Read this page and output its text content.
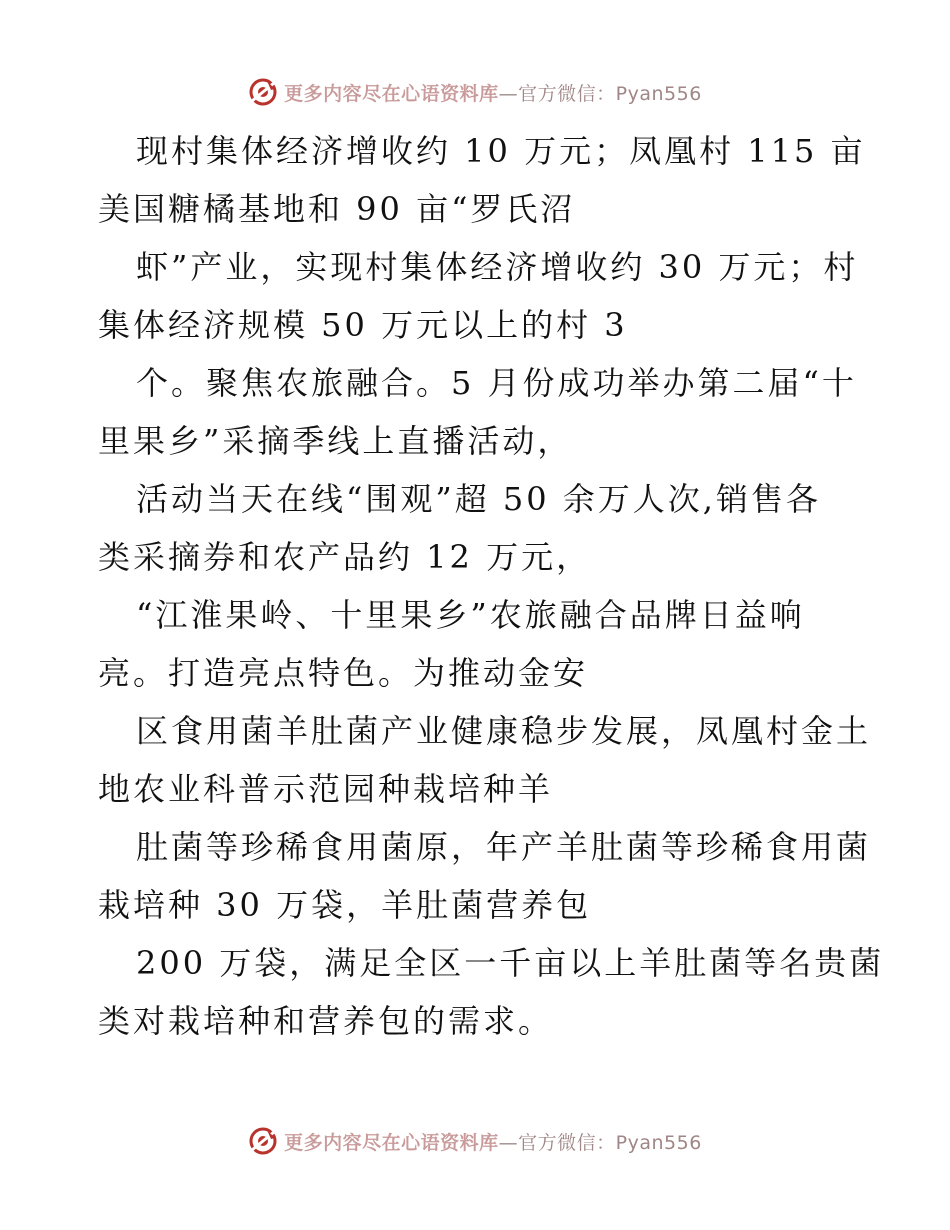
更多内容尽在心语资料库—官方微信：Pyan556
现村集体经济增收约 10 万元；凤凰村 115 亩
美国糖橘基地和 90 亩“罗氏沼
虾”产业，实现村集体经济增收约 30 万元；村
集体经济规模 50 万元以上的村 3
个。聚焦农旅融合。5 月份成功举办第二届“十
里果乡”采摘季线上直播活动，
活动当天在线“围观”超 50 余万人次,销售各
类采摘券和农产品约 12 万元，
“江淮果岭、十里果乡”农旅融合品牌日益响
亮。打造亮点特色。为推动金安
区食用菌羊肚菌产业健康稳步发展，凤凰村金土
地农业科普示范园种栽培种羊
肚菌等珍稀食用菌原，年产羊肚菌等珍稀食用菌
栽培种 30 万袋，羊肚菌营养包
200 万袋，满足全区一千亩以上羊肚菌等名贵菌
类对栽培种和营养包的需求。
更多内容尽在心语资料库—官方微信：Pyan556
